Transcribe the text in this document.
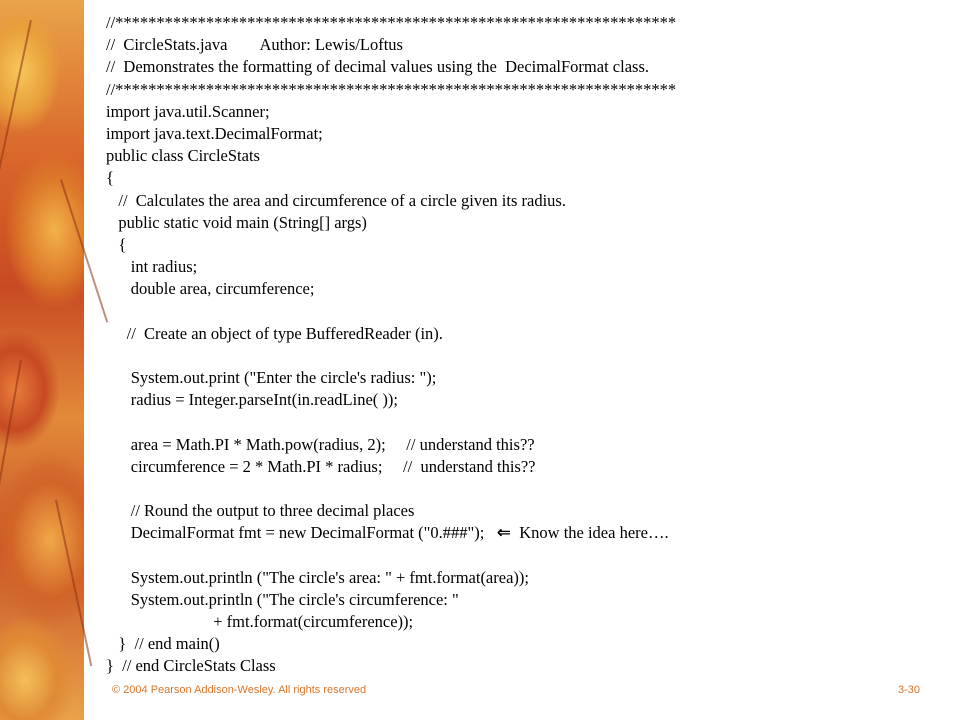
//********************************************************************

//  CircleStats.java        Author: Lewis/Loftus

//  Demonstrates the formatting of decimal values using the  DecimalFormat class.

//********************************************************************

import java.util.Scanner;

import java.text.DecimalFormat;

public class CircleStats

{

//  Calculates the area and circumference of a circle given its radius.

public static void main (String[] args)

{

int radius;

double area, circumference;

//  Create an object of type BufferedReader (in).

System.out.print ("Enter the circle's radius: ");

radius = Integer.parseInt(in.readLine( ));

area = Math.PI * Math.pow(radius, 2);     // understand this??

circumference = 2 * Math.PI * radius;     //  understand this??

// Round the output to three decimal places

DecimalFormat fmt = new DecimalFormat ("0.###"); ⇐ Know the idea here….

System.out.println ("The circle's area: " + fmt.format(area));

System.out.println ("The circle's circumference: "

+ fmt.format(circumference));

}  // end main()

}  // end CircleStats Class

© 2004 Pearson Addison-Wesley. All rights reserved	3-30
